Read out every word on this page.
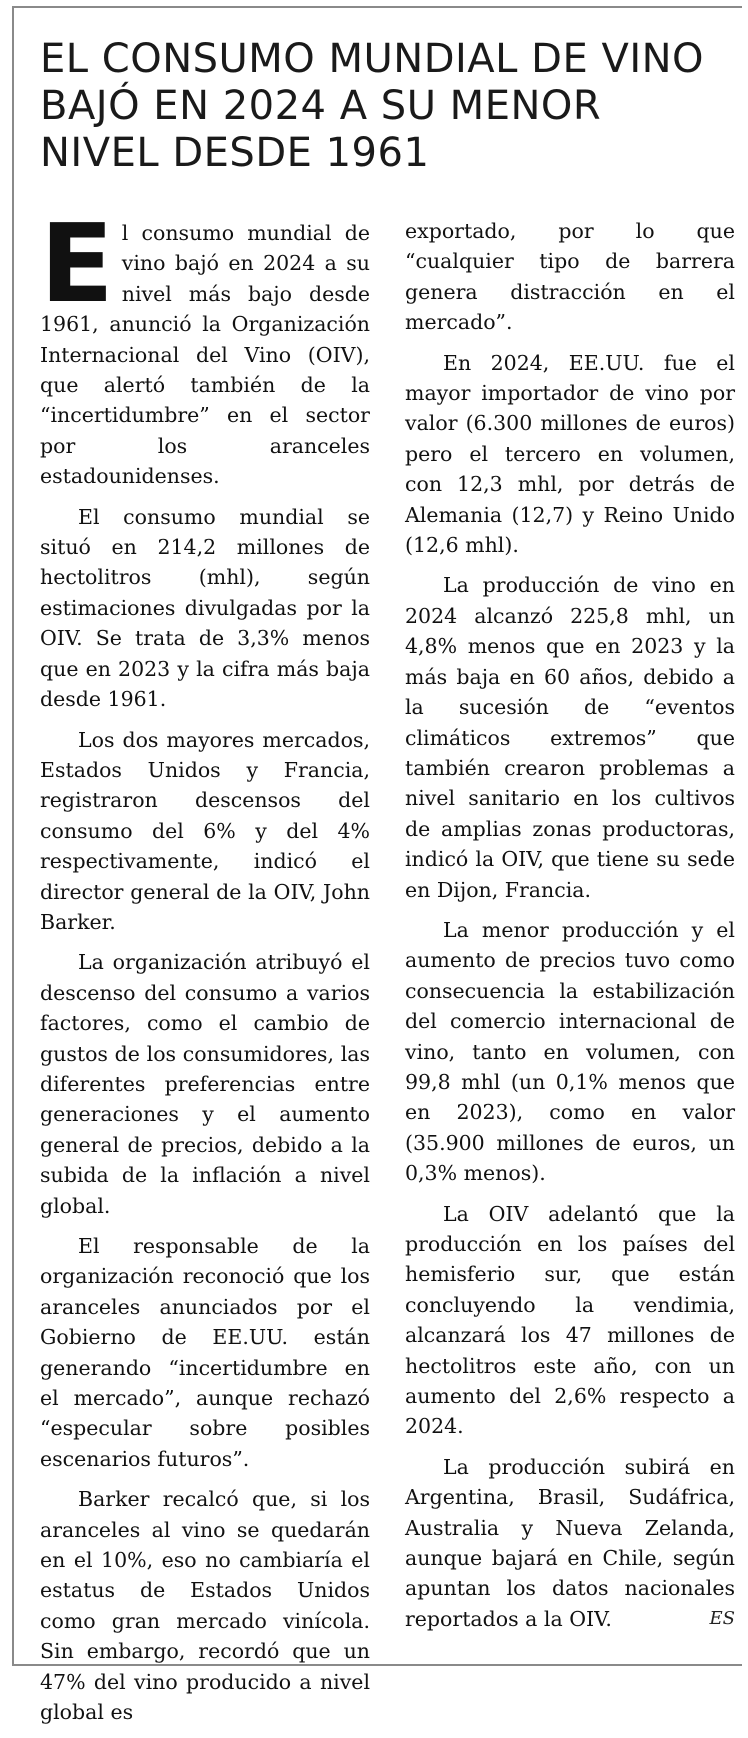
EL CONSUMO MUNDIAL DE VINO BAJÓ EN 2024 A SU MENOR NIVEL DESDE 1961

El consumo mundial de vino bajó en 2024 a su nivel más bajo desde 1961, anunció la Organización Internacional del Vino (OIV), que alertó también de la “incertidumbre” en el sector por los aranceles estadounidenses.

El consumo mundial se situó en 214,2 millones de hectolitros (mhl), según estimaciones divulgadas por la OIV. Se trata de 3,3% menos que en 2023 y la cifra más baja desde 1961.

Los dos mayores mercados, Estados Unidos y Francia, registraron descensos del consumo del 6% y del 4% respectivamente, indicó el director general de la OIV, John Barker.

La organización atribuyó el descenso del consumo a varios factores, como el cambio de gustos de los consumidores, las diferentes preferencias entre generaciones y el aumento general de precios, debido a la subida de la inflación a nivel global.

El responsable de la organización reconoció que los aranceles anunciados por el Gobierno de EE.UU. están generando “incertidumbre en el mercado”, aunque rechazó “especular sobre posibles escenarios futuros”.

Barker recalcó que, si los aranceles al vino se quedarán en el 10%, eso no cambiaría el estatus de Estados Unidos como gran mercado vinícola. Sin embargo, recordó que un 47% del vino producido a nivel global es

exportado, por lo que “cualquier tipo de barrera genera distracción en el mercado”.

En 2024, EE.UU. fue el mayor importador de vino por valor (6.300 millones de euros) pero el tercero en volumen, con 12,3 mhl, por detrás de Alemania (12,7) y Reino Unido (12,6 mhl).

La producción de vino en 2024 alcanzó 225,8 mhl, un 4,8% menos que en 2023 y la más baja en 60 años, debido a la sucesión de “eventos climáticos extremos” que también crearon problemas a nivel sanitario en los cultivos de amplias zonas productoras, indicó la OIV, que tiene su sede en Dijon, Francia.

La menor producción y el aumento de precios tuvo como consecuencia la estabilización del comercio internacional de vino, tanto en volumen, con 99,8 mhl (un 0,1% menos que en 2023), como en valor (35.900 millones de euros, un 0,3% menos).

La OIV adelantó que la producción en los países del hemisferio sur, que están concluyendo la vendimia, alcanzará los 47 millones de hectolitros este año, con un aumento del 2,6% respecto a 2024.

La producción subirá en Argentina, Brasil, Sudáfrica, Australia y Nueva Zelanda, aunque bajará en Chile, según apuntan los datos nacionales reportados a la OIV.	ES
